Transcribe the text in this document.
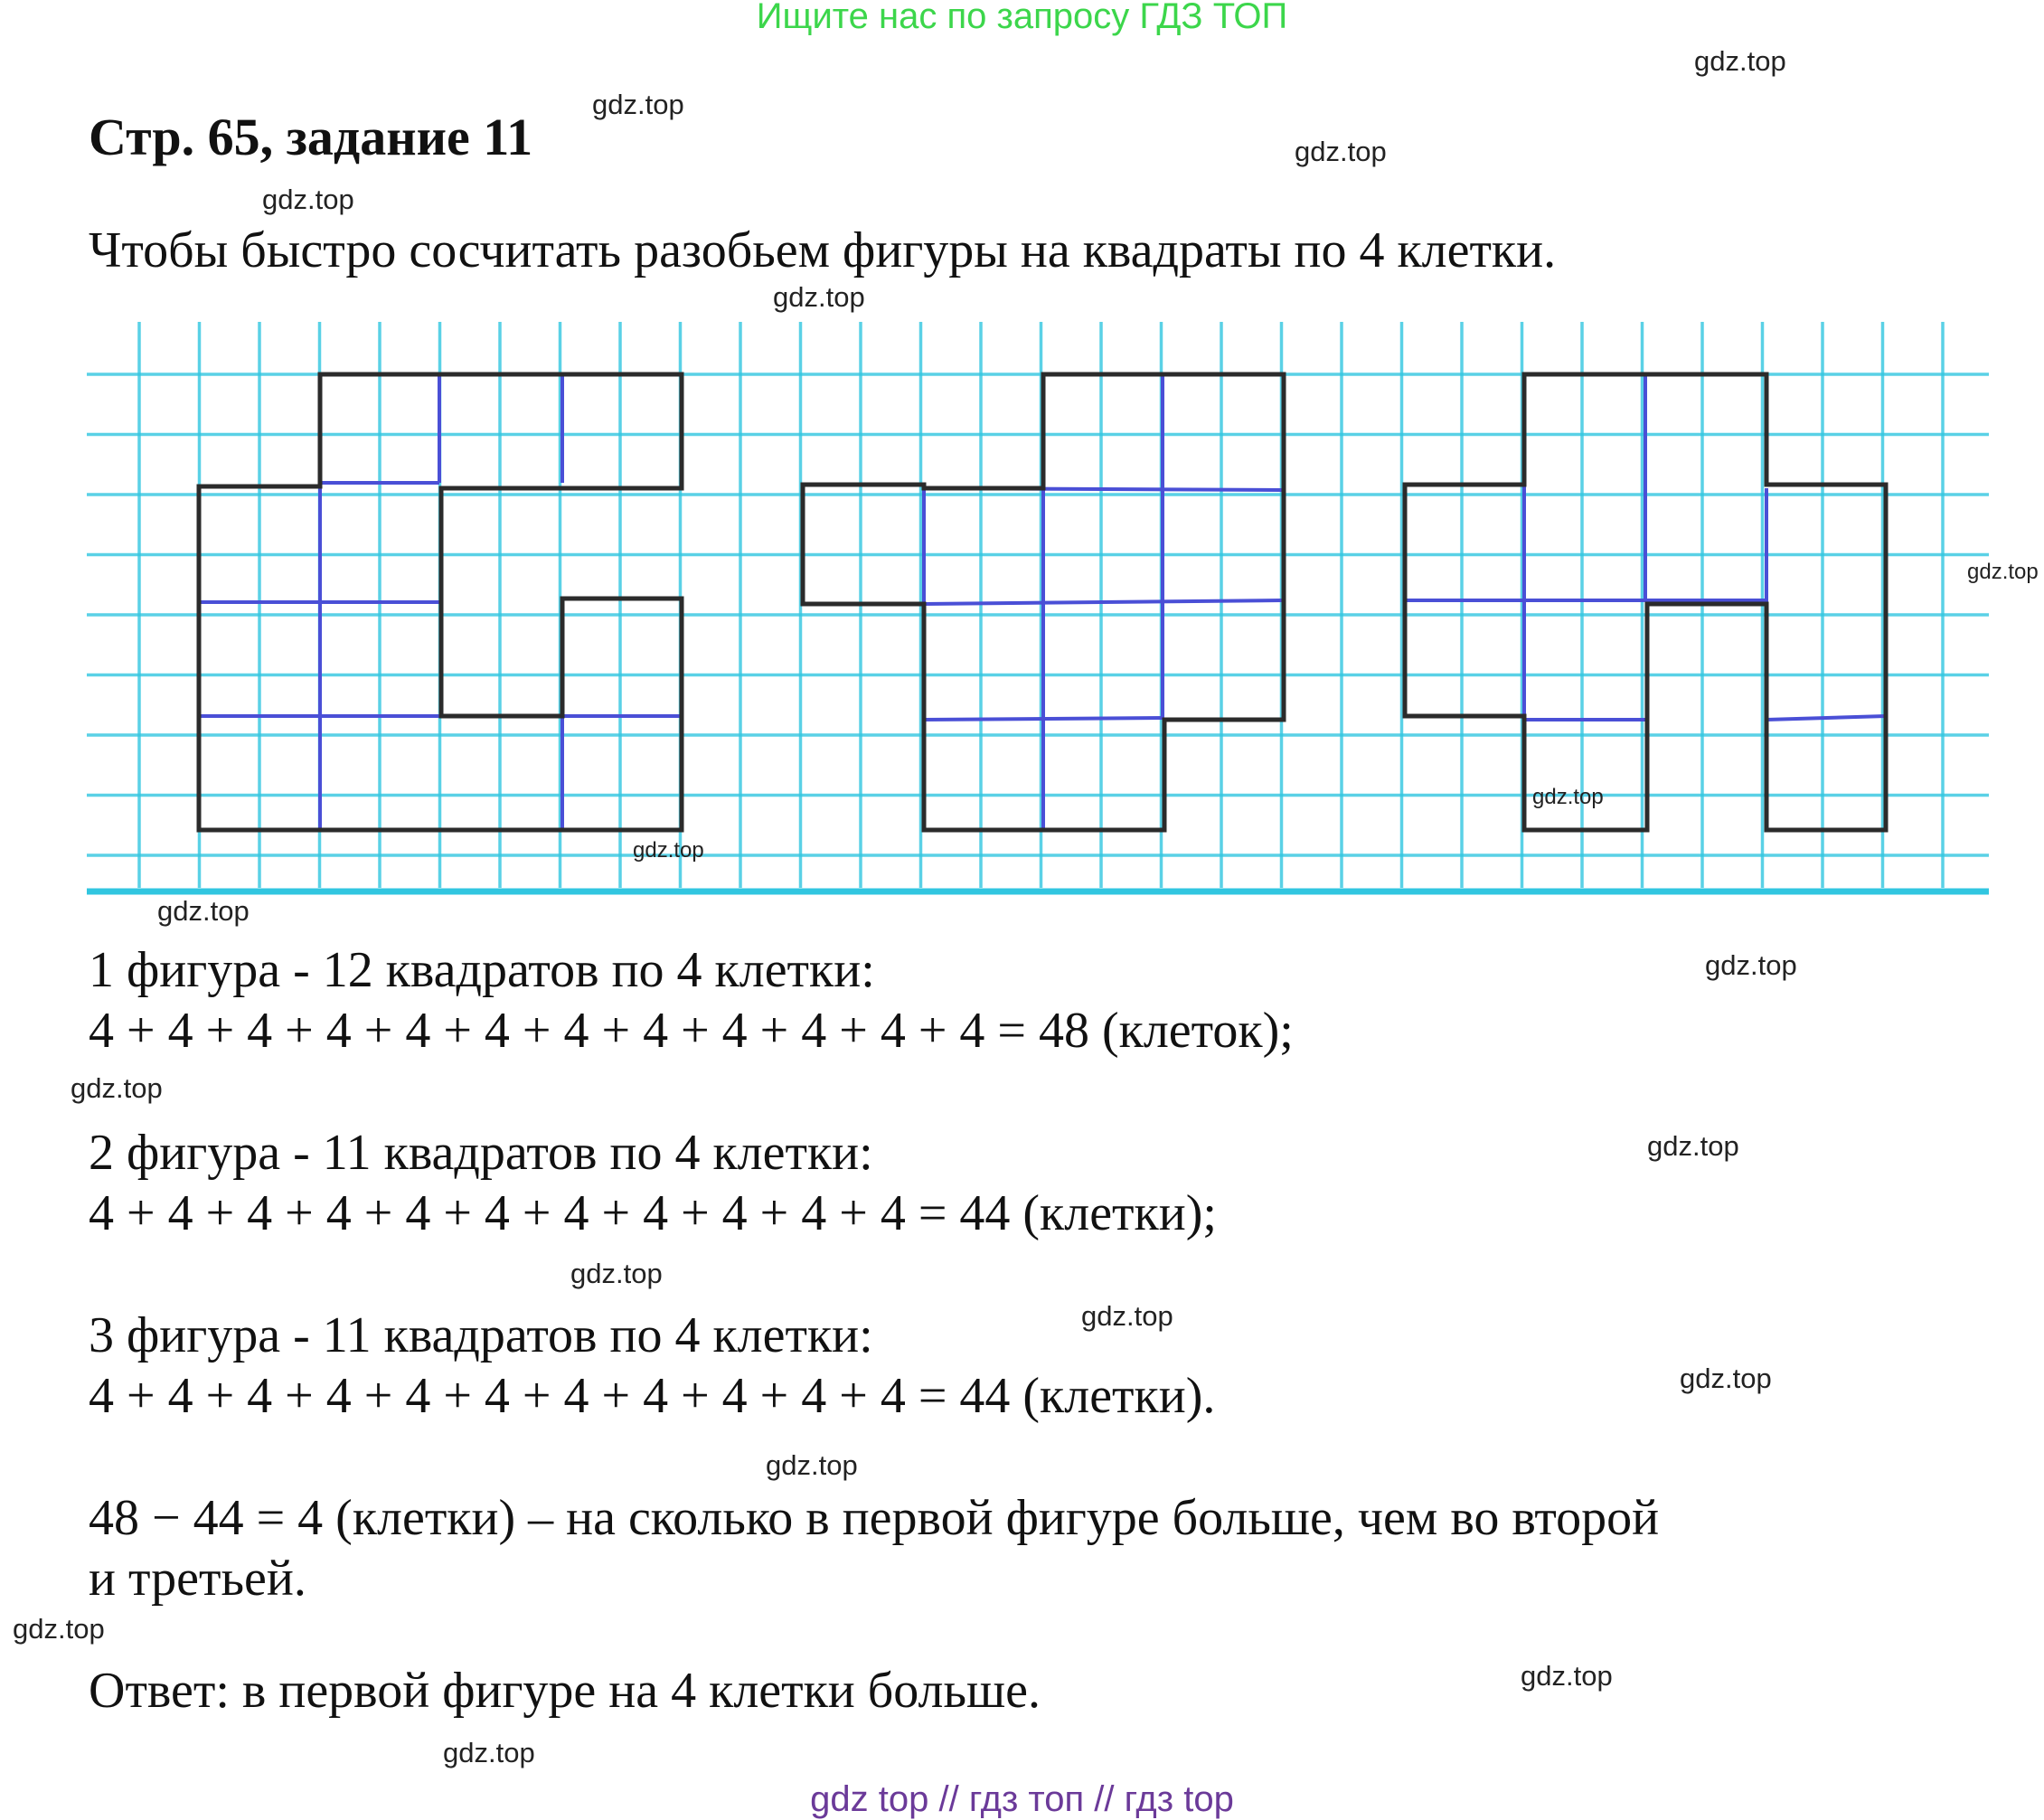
Ищите нас по запросу ГДЗ ТОП
Стр. 65, задание 11
Чтобы быстро сосчитать разобьем фигуры на квадраты по 4 клетки.
1 фигура - 12 квадратов по 4 клетки:
4 + 4 + 4 + 4 + 4 + 4 + 4 + 4 + 4 + 4 + 4 + 4 = 48 (клеток);
2 фигура - 11 квадратов по 4 клетки:
4 + 4 + 4 + 4 + 4 + 4 + 4 + 4 + 4 + 4 + 4 = 44 (клетки);
3 фигура - 11 квадратов по 4 клетки:
4 + 4 + 4 + 4 + 4 + 4 + 4 + 4 + 4 + 4 + 4 = 44 (клетки).
48 − 44 = 4 (клетки) – на сколько в первой фигуре больше, чем во второй
и третьей.
Ответ: в первой фигуре на 4 клетки больше.
gdz.top
gdz.top
gdz.top
gdz.top
gdz.top
gdz.top
gdz.top
gdz.top
gdz.top
gdz.top
gdz.top
gdz.top
gdz.top
gdz.top
gdz.top
gdz.top
gdz.top
gdz.top
gdz.top
gdz top // гдз топ // гдз top
